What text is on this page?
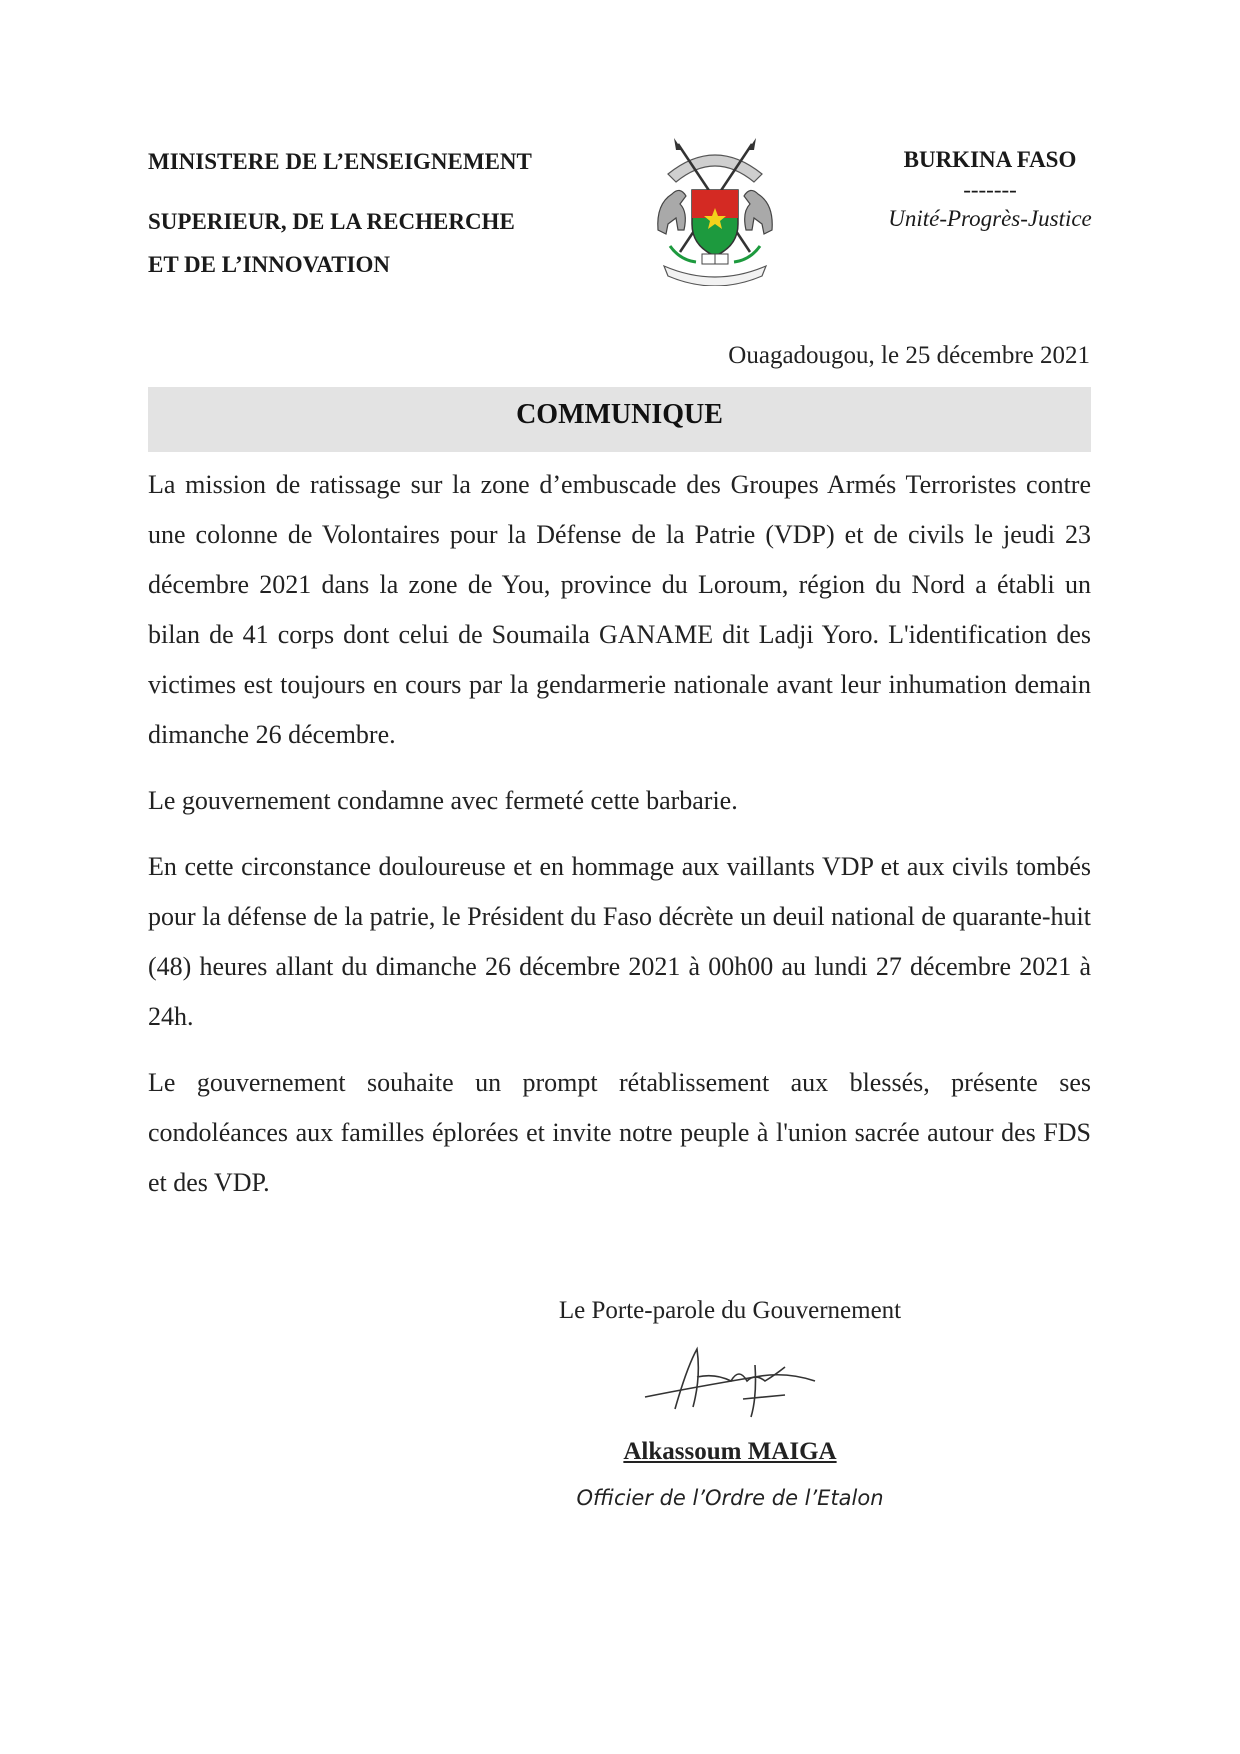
MINISTERE DE L’ENSEIGNEMENT
SUPERIEUR, DE LA RECHERCHE
ET DE L’INNOVATION
BURKINA FASO
-------
Unité-Progrès-Justice
Ouagadougou, le 25 décembre 2021
COMMUNIQUE

La mission de ratissage sur la zone d’embuscade des Groupes Armés Terroristes contre une colonne de Volontaires pour la Défense de la Patrie (VDP) et de civils le jeudi 23 décembre 2021 dans la zone de You, province du Loroum, région du Nord a établi un bilan de 41 corps dont celui de Soumaila GANAME dit Ladji Yoro. L'identification des victimes est toujours en cours par la gendarmerie nationale avant leur inhumation demain dimanche 26 décembre.

Le gouvernement condamne avec fermeté cette barbarie.

En cette circonstance douloureuse et en hommage aux vaillants VDP et aux civils tombés pour la défense de la patrie, le Président du Faso décrète un deuil national de quarante-huit (48) heures allant du dimanche 26 décembre 2021 à 00h00 au lundi 27 décembre 2021 à 24h.

Le gouvernement souhaite un prompt rétablissement aux blessés, présente ses condoléances aux familles éplorées et invite notre peuple à l'union sacrée autour des FDS et des VDP.

Le Porte-parole du Gouvernement
Alkassoum MAIGA
Officier de l’Ordre de l’Etalon
